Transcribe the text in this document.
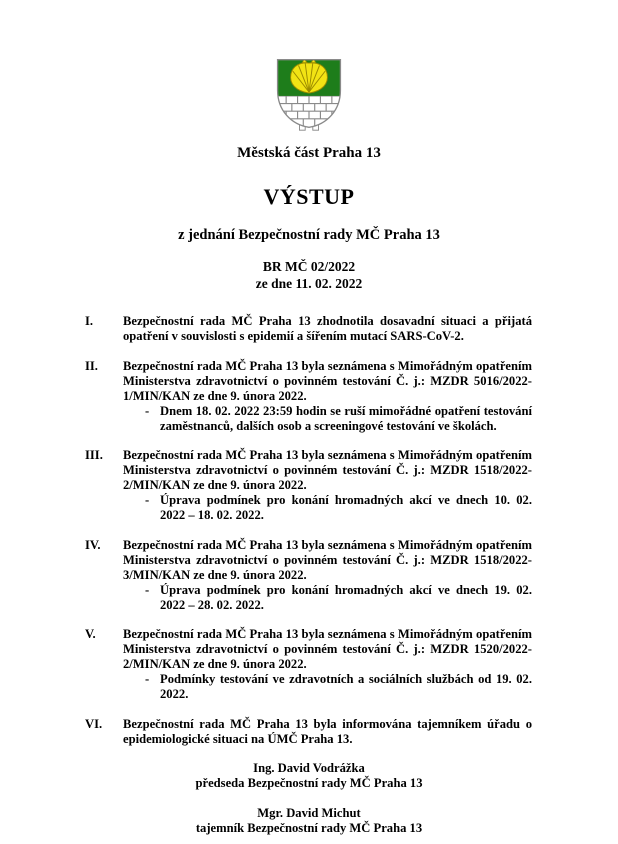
Městská část Praha 13
VÝSTUP
z jednání Bezpečnostní rady MČ Praha 13
BR MČ 02/2022
ze dne 11. 02. 2022
I.	Bezpečnostní rada MČ Praha 13 zhodnotila dosavadní situaci a přijatá opatření v souvislosti s epidemií a šířením mutací SARS-CoV-2.
II.	Bezpečnostní rada MČ Praha 13 byla seznámena s Mimořádným opatřením Ministerstva zdravotnictví o povinném testování Č. j.: MZDR 5016/2022-1/MIN/KAN ze dne 9. února 2022.
- Dnem 18. 02. 2022 23:59 hodin se ruší mimořádné opatření testování zaměstnanců, dalších osob a screeningové testování ve školách.
III.	Bezpečnostní rada MČ Praha 13 byla seznámena s Mimořádným opatřením Ministerstva zdravotnictví o povinném testování Č. j.: MZDR 1518/2022-2/MIN/KAN ze dne 9. února 2022.
- Úprava podmínek pro konání hromadných akcí ve dnech 10. 02. 2022 – 18. 02. 2022.
IV.	Bezpečnostní rada MČ Praha 13 byla seznámena s Mimořádným opatřením Ministerstva zdravotnictví o povinném testování Č. j.: MZDR 1518/2022-3/MIN/KAN ze dne 9. února 2022.
- Úprava podmínek pro konání hromadných akcí ve dnech 19. 02. 2022 – 28. 02. 2022.
V.	Bezpečnostní rada MČ Praha 13 byla seznámena s Mimořádným opatřením Ministerstva zdravotnictví o povinném testování Č. j.: MZDR 1520/2022-2/MIN/KAN ze dne 9. února 2022.
- Podmínky testování ve zdravotních a sociálních službách od 19. 02. 2022.
VI.	Bezpečnostní rada MČ Praha 13 byla informována tajemníkem úřadu o epidemiologické situaci na ÚMČ Praha 13.
Ing. David Vodrážka
předseda Bezpečnostní rady MČ Praha 13
Mgr. David Michut
tajemník Bezpečnostní rady MČ Praha 13
